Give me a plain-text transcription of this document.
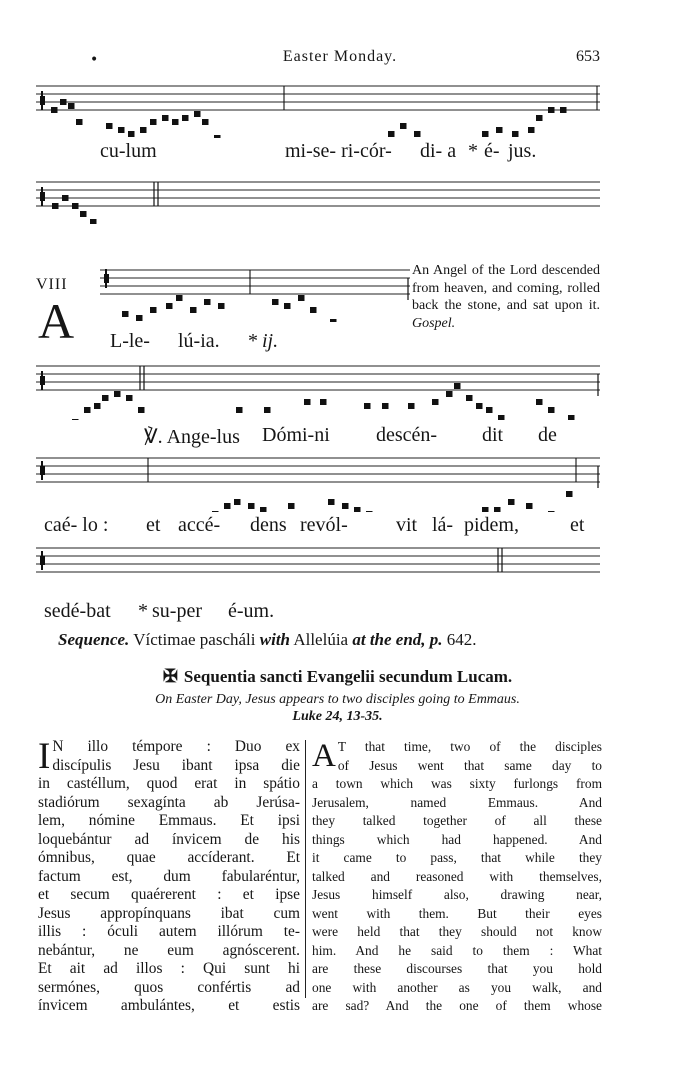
•	Easter Monday.	653
cu-lum	mi-se- ri-cór- di- a * é- jus.
VIII
A L-le- lú-ia. * ij.
An Angel of the Lord descended from heaven, and coming, rolled back the stone, and sat upon it. Gospel.
℣. Ange-lus Dómi-ni descén- dit de
caé- lo : et accé- dens revól- vit lá- pidem,	et
sedé-bat * su-per é-um.
Sequence. Víctimae pascháli with Allelúia at the end, p. 642.
✠ Sequentia sancti Evangelii secundum Lucam.
On Easter Day, Jesus appears to two disciples going to Emmaus.
Luke 24, 13-35.
I N illo témpore : Duo ex
discípulis Jesu ibant ipsa die
in castéllum, quod erat in spátio
stadiórum sexagínta ab Jerúsa-
lem, nómine Emmaus. Et ipsi
loquebántur ad ínvicem de his
ómnibus, quae accíderant. Et
factum est, dum fabularéntur,
et secum quaérerent : et ipse
Jesus appropínquans ibat cum
illis : óculi autem illórum te-
nebántur, ne eum agnóscerent.
Et ait ad illos : Qui sunt hi
sermónes, quos confértis ad
ínvicem ambulántes, et estis
A T that time, two of the disciples
of Jesus went that same day to
a town which was sixty furlongs from
Jerusalem, named Emmaus. And
they talked together of all these
things which had happened. And
it came to pass, that while they
talked and reasoned with themselves,
Jesus himself also, drawing near,
went with them. But their eyes
were held that they should not know
him. And he said to them : What
are these discourses that you hold
one with another as you walk, and
are sad? And the one of them whose
